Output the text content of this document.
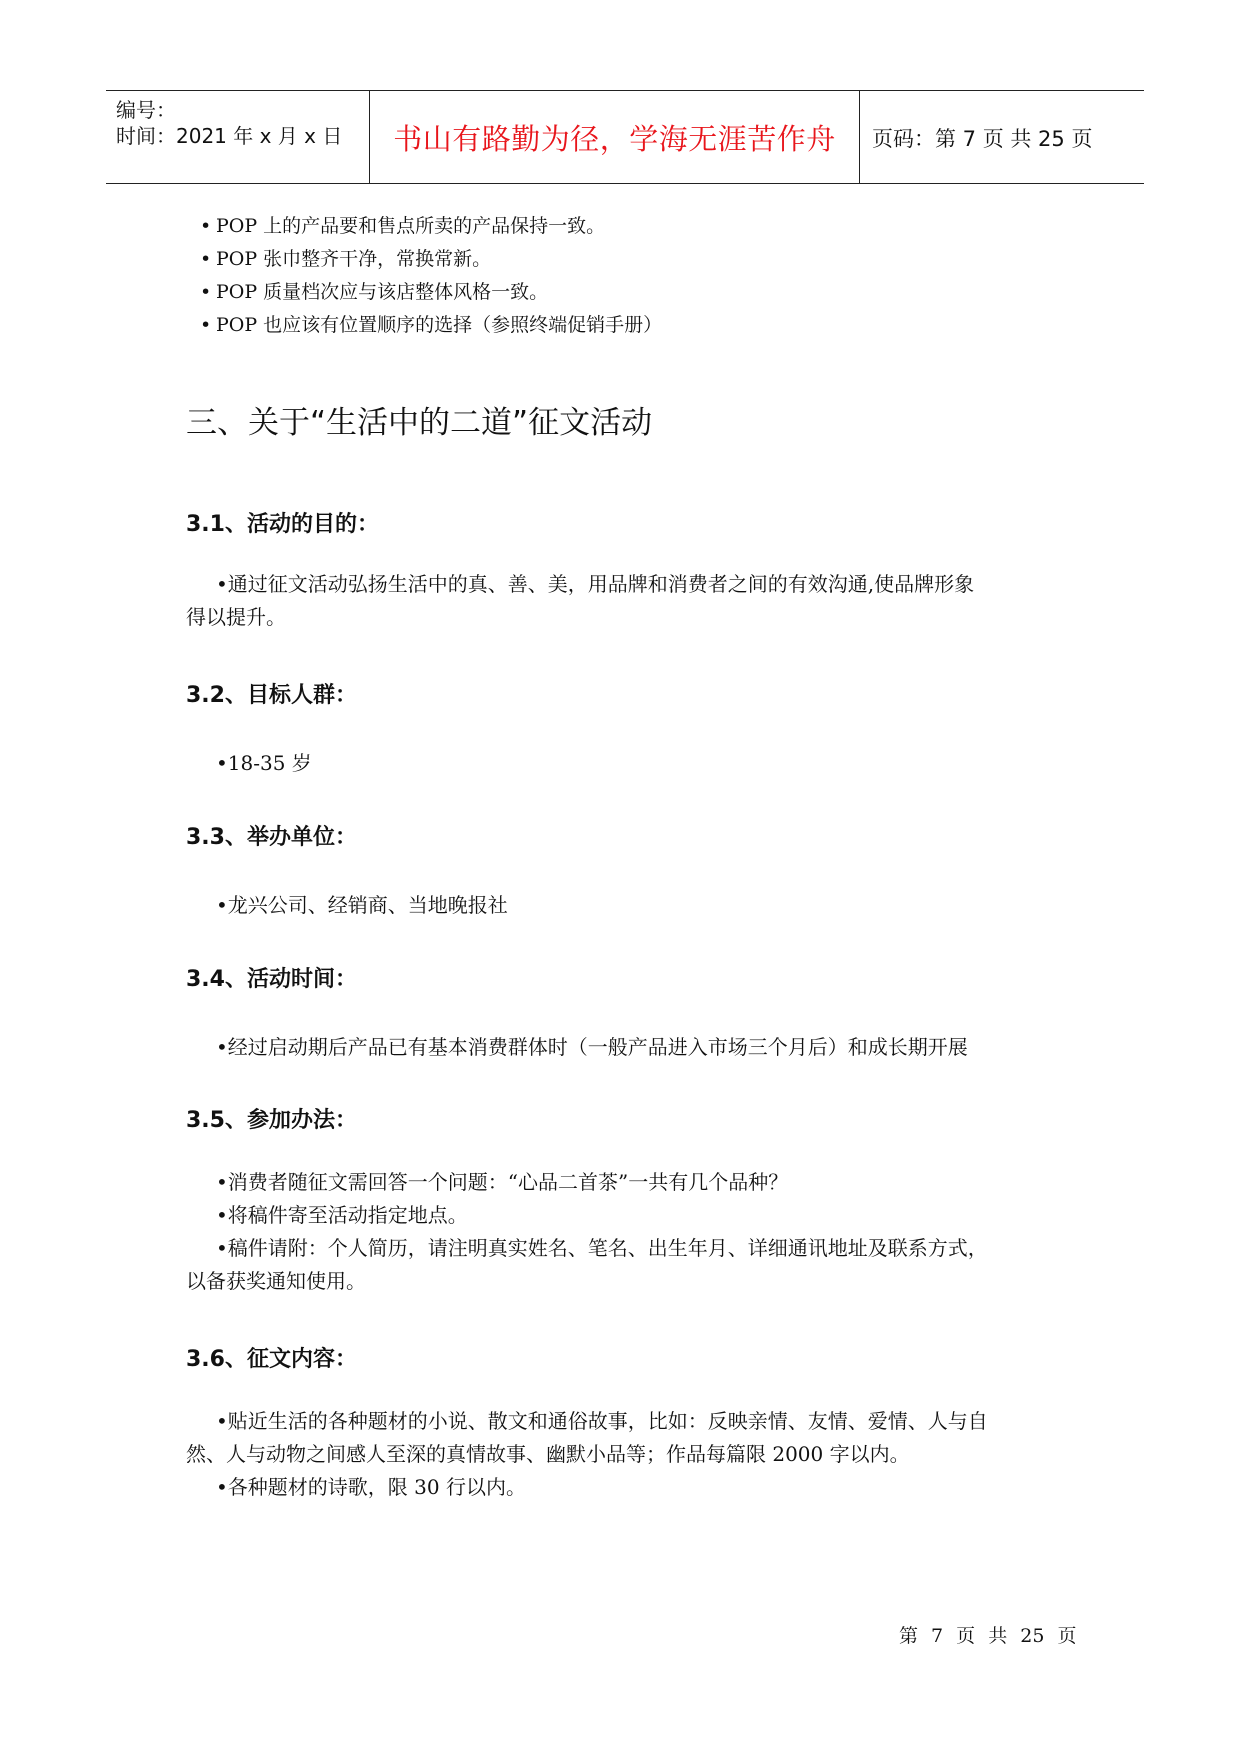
编号：
时间：2021 年 x 月 x 日	书山有路勤为径，学海无涯苦作舟	页码：第 7 页 共 25 页
• POP 上的产品要和售点所卖的产品保持一致。
• POP 张巾整齐干净，常换常新。
• POP 质量档次应与该店整体风格一致。
• POP 也应该有位置顺序的选择（参照终端促销手册）
三、关于“生活中的二道”征文活动
3.1、活动的目的：
•通过征文活动弘扬生活中的真、善、美，用品牌和消费者之间的有效沟通,使品牌形象
得以提升。
3.2、目标人群：
•18-35 岁
3.3、举办单位：
•龙兴公司、经销商、当地晚报社
3.4、活动时间：
•经过启动期后产品已有基本消费群体时（一般产品进入市场三个月后）和成长期开展
3.5、参加办法：
•消费者随征文需回答一个问题：“心品二首茶”一共有几个品种？
•将稿件寄至活动指定地点。
•稿件请附：个人简历，请注明真实姓名、笔名、出生年月、详细通讯地址及联系方式，
以备获奖通知使用。
3.6、征文内容：
•贴近生活的各种题材的小说、散文和通俗故事，比如：反映亲情、友情、爱情、人与自
然、人与动物之间感人至深的真情故事、幽默小品等；作品每篇限 2000 字以内。
•各种题材的诗歌，限 30 行以内。
第 7 页 共 25 页
